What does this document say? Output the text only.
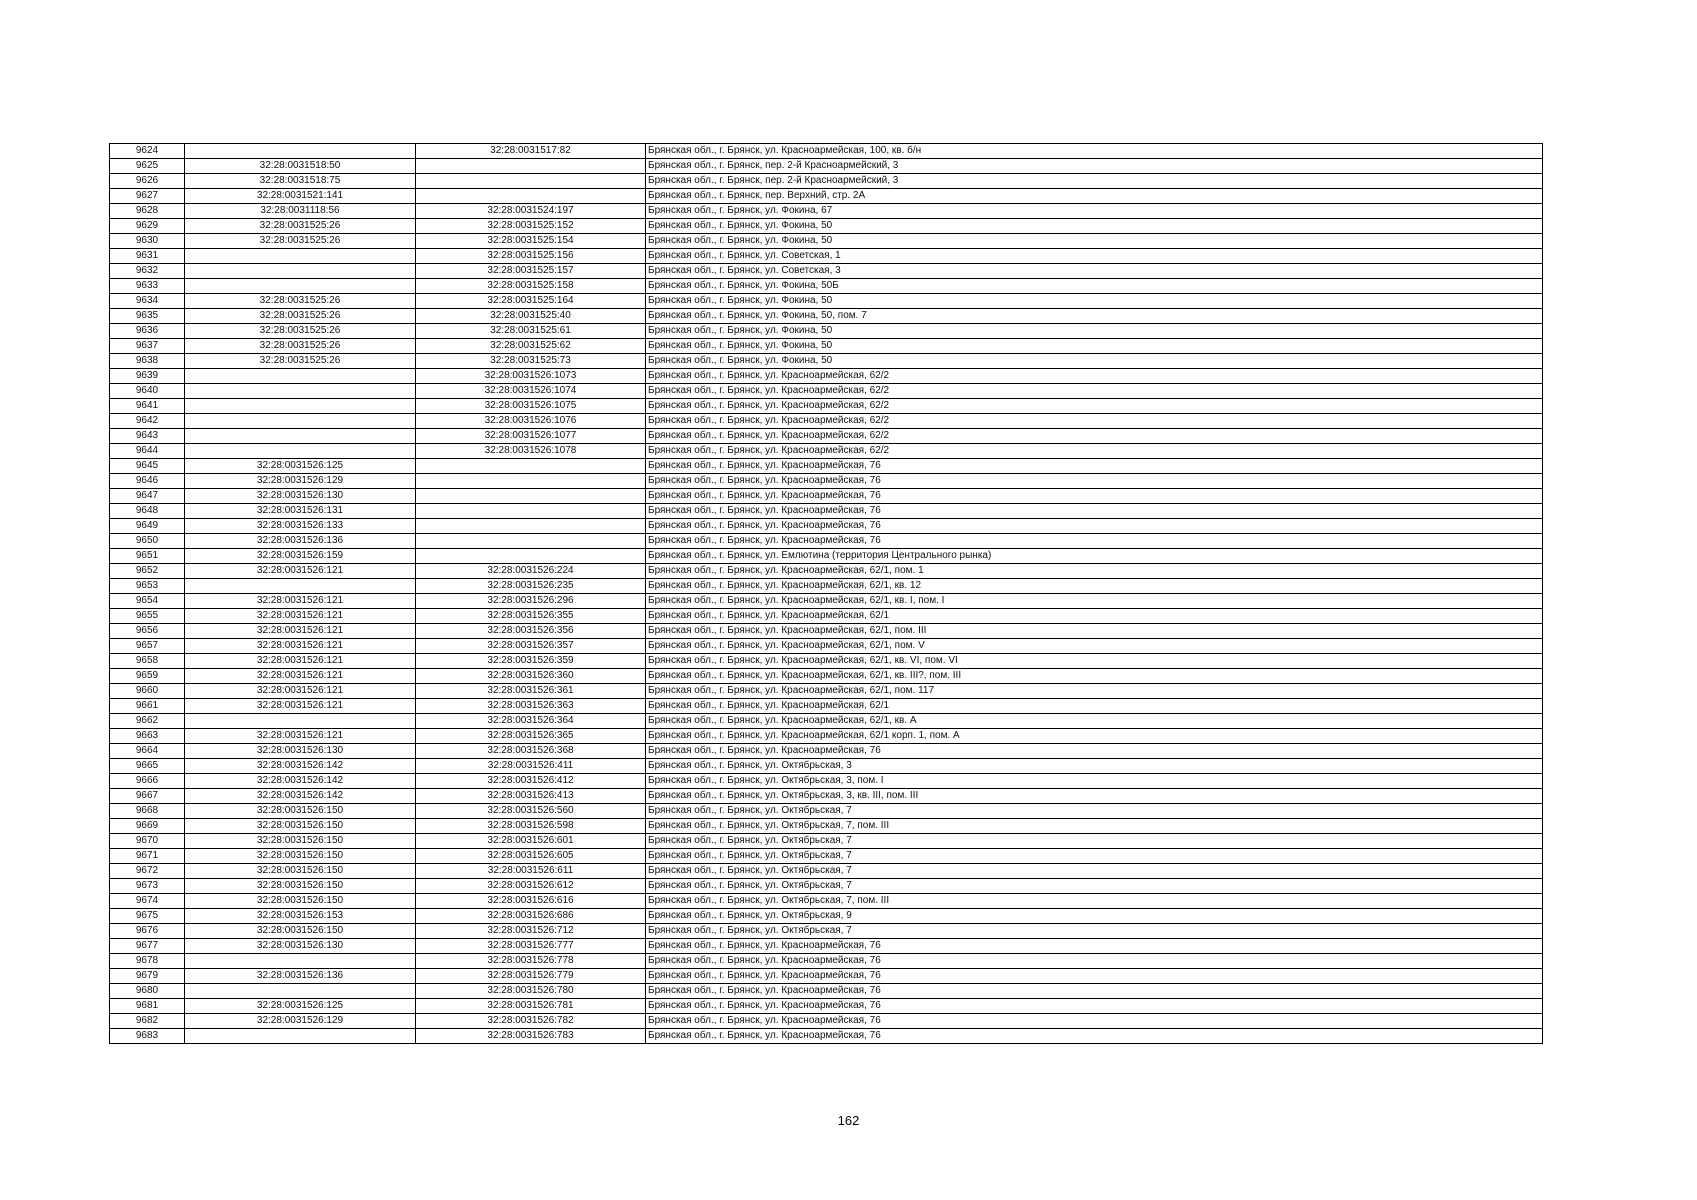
9624		32:28:0031517:82	Брянская обл., г. Брянск, ул. Красноармейская, 100, кв. б/н
9625	32:28:0031518:50		Брянская обл., г. Брянск, пер. 2-й Красноармейский, 3
9626	32:28:0031518:75		Брянская обл., г. Брянск, пер. 2-й Красноармейский, 3
9627	32:28:0031521:141		Брянская обл., г. Брянск, пер. Верхний, стр. 2А
9628	32:28:0031118:56	32:28:0031524:197	Брянская обл., г. Брянск, ул. Фокина, 67
9629	32:28:0031525:26	32:28:0031525:152	Брянская обл., г. Брянск, ул. Фокина, 50
9630	32:28:0031525:26	32:28:0031525:154	Брянская обл., г. Брянск, ул. Фокина, 50
9631		32:28:0031525:156	Брянская обл., г. Брянск, ул. Советская, 1
9632		32:28:0031525:157	Брянская обл., г. Брянск, ул. Советская, 3
9633		32:28:0031525:158	Брянская обл., г. Брянск, ул. Фокина, 50Б
9634	32:28:0031525:26	32:28:0031525:164	Брянская обл., г. Брянск, ул. Фокина, 50
9635	32:28:0031525:26	32:28:0031525:40	Брянская обл., г. Брянск, ул. Фокина, 50, пом. 7
9636	32:28:0031525:26	32:28:0031525:61	Брянская обл., г. Брянск, ул. Фокина, 50
9637	32:28:0031525:26	32:28:0031525:62	Брянская обл., г. Брянск, ул. Фокина, 50
9638	32:28:0031525:26	32:28:0031525:73	Брянская обл., г. Брянск, ул. Фокина, 50
9639		32:28:0031526:1073	Брянская обл., г. Брянск, ул. Красноармейская, 62/2
9640		32:28:0031526:1074	Брянская обл., г. Брянск, ул. Красноармейская, 62/2
9641		32:28:0031526:1075	Брянская обл., г. Брянск, ул. Красноармейская, 62/2
9642		32:28:0031526:1076	Брянская обл., г. Брянск, ул. Красноармейская, 62/2
9643		32:28:0031526:1077	Брянская обл., г. Брянск, ул. Красноармейская, 62/2
9644		32:28:0031526:1078	Брянская обл., г. Брянск, ул. Красноармейская, 62/2
9645	32:28:0031526:125		Брянская обл., г. Брянск, ул. Красноармейская, 76
9646	32:28:0031526:129		Брянская обл., г. Брянск, ул. Красноармейская, 76
9647	32:28:0031526:130		Брянская обл., г. Брянск, ул. Красноармейская, 76
9648	32:28:0031526:131		Брянская обл., г. Брянск, ул. Красноармейская, 76
9649	32:28:0031526:133		Брянская обл., г. Брянск, ул. Красноармейская, 76
9650	32:28:0031526:136		Брянская обл., г. Брянск, ул. Красноармейская, 76
9651	32:28:0031526:159		Брянская обл., г. Брянск, ул. Емлютина (территория Центрального рынка)
9652	32:28:0031526:121	32:28:0031526:224	Брянская обл., г. Брянск, ул. Красноармейская, 62/1, пом. 1
9653		32:28:0031526:235	Брянская обл., г. Брянск, ул. Красноармейская, 62/1, кв. 12
9654	32:28:0031526:121	32:28:0031526:296	Брянская обл., г. Брянск, ул. Красноармейская, 62/1, кв. I, пом. I
9655	32:28:0031526:121	32:28:0031526:355	Брянская обл., г. Брянск, ул. Красноармейская, 62/1
9656	32:28:0031526:121	32:28:0031526:356	Брянская обл., г. Брянск, ул. Красноармейская, 62/1, пом. III
9657	32:28:0031526:121	32:28:0031526:357	Брянская обл., г. Брянск, ул. Красноармейская, 62/1, пом. V
9658	32:28:0031526:121	32:28:0031526:359	Брянская обл., г. Брянск, ул. Красноармейская, 62/1, кв. VI, пом. VI
9659	32:28:0031526:121	32:28:0031526:360	Брянская обл., г. Брянск, ул. Красноармейская, 62/1, кв. III?, пом. III
9660	32:28:0031526:121	32:28:0031526:361	Брянская обл., г. Брянск, ул. Красноармейская, 62/1, пом. 117
9661	32:28:0031526:121	32:28:0031526:363	Брянская обл., г. Брянск, ул. Красноармейская, 62/1
9662		32:28:0031526:364	Брянская обл., г. Брянск, ул. Красноармейская, 62/1, кв. А
9663	32:28:0031526:121	32:28:0031526:365	Брянская обл., г. Брянск, ул. Красноармейская, 62/1 корп. 1, пом. А
9664	32:28:0031526:130	32:28:0031526:368	Брянская обл., г. Брянск, ул. Красноармейская, 76
9665	32:28:0031526:142	32:28:0031526:411	Брянская обл., г. Брянск, ул. Октябрьская, 3
9666	32:28:0031526:142	32:28:0031526:412	Брянская обл., г. Брянск, ул. Октябрьская, 3, пом. I
9667	32:28:0031526:142	32:28:0031526:413	Брянская обл., г. Брянск, ул. Октябрьская, 3, кв. III, пом. III
9668	32:28:0031526:150	32:28:0031526:560	Брянская обл., г. Брянск, ул. Октябрьская, 7
9669	32:28:0031526:150	32:28:0031526:598	Брянская обл., г. Брянск, ул. Октябрьская, 7, пом. III
9670	32:28:0031526:150	32:28:0031526:601	Брянская обл., г. Брянск, ул. Октябрьская, 7
9671	32:28:0031526:150	32:28:0031526:605	Брянская обл., г. Брянск, ул. Октябрьская, 7
9672	32:28:0031526:150	32:28:0031526:611	Брянская обл., г. Брянск, ул. Октябрьская, 7
9673	32:28:0031526:150	32:28:0031526:612	Брянская обл., г. Брянск, ул. Октябрьская, 7
9674	32:28:0031526:150	32:28:0031526:616	Брянская обл., г. Брянск, ул. Октябрьская, 7, пом. III
9675	32:28:0031526:153	32:28:0031526:686	Брянская обл., г. Брянск, ул. Октябрьская, 9
9676	32:28:0031526:150	32:28:0031526:712	Брянская обл., г. Брянск, ул. Октябрьская, 7
9677	32:28:0031526:130	32:28:0031526:777	Брянская обл., г. Брянск, ул. Красноармейская, 76
9678		32:28:0031526:778	Брянская обл., г. Брянск, ул. Красноармейская, 76
9679	32:28:0031526:136	32:28:0031526:779	Брянская обл., г. Брянск, ул. Красноармейская, 76
9680		32:28:0031526:780	Брянская обл., г. Брянск, ул. Красноармейская, 76
9681	32:28:0031526:125	32:28:0031526:781	Брянская обл., г. Брянск, ул. Красноармейская, 76
9682	32:28:0031526:129	32:28:0031526:782	Брянская обл., г. Брянск, ул. Красноармейская, 76
9683		32:28:0031526:783	Брянская обл., г. Брянск, ул. Красноармейская, 76
162
